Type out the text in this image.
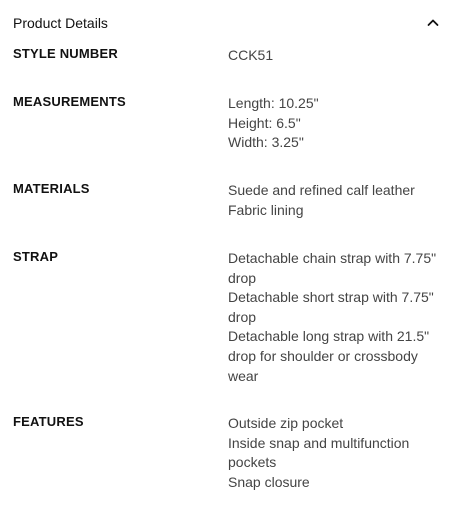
Product Details
STYLE NUMBER	CCK51
MEASUREMENTS	Length: 10.25"
Height: 6.5"
Width: 3.25"
MATERIALS	Suede and refined calf leather
Fabric lining
STRAP	Detachable chain strap with 7.75" drop
Detachable short strap with 7.75" drop
Detachable long strap with 21.5" drop for shoulder or crossbody wear
FEATURES	Outside zip pocket
Inside snap and multifunction pockets
Snap closure
